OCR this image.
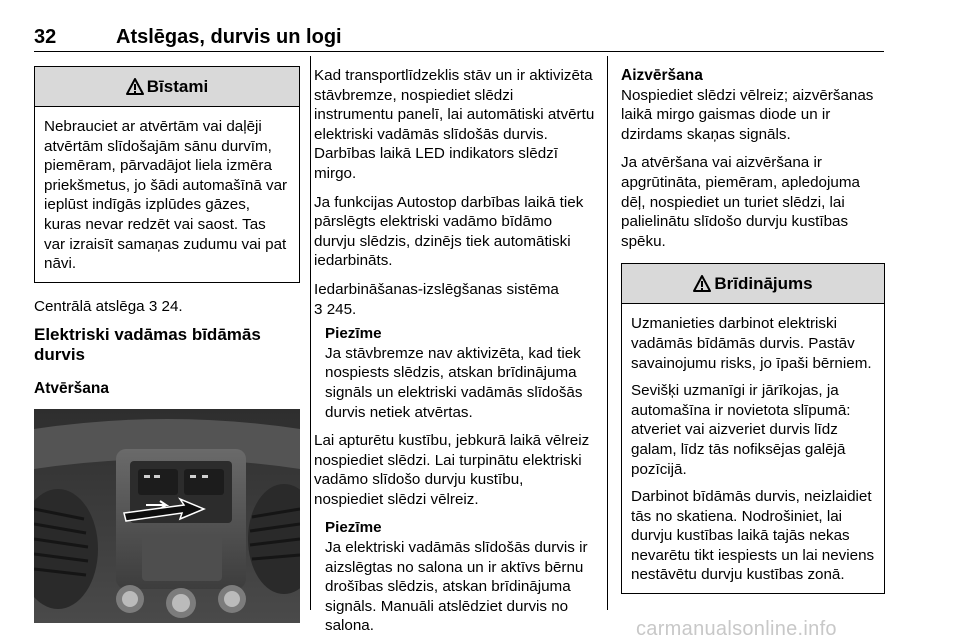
32	Atslēgas, durvis un logi
Bīstami

Nebrauciet ar atvērtām vai daļēji atvērtām slīdošajām sānu durvīm, piemēram, pārvadājot liela izmēra priekšmetus, jo šādi automašīnā var ieplūst indīgās izplūdes gāzes, kuras nevar redzēt vai saost. Tas var izraisīt samaņas zudumu vai pat nāvi.

Centrālā atslēga 3 24.

Elektriski vadāmas bīdāmās durvis
Atvēršana

Kad transportlīdzeklis stāv un ir aktivizēta stāvbremze, nospiediet slēdzi instrumentu panelī, lai automātiski atvērtu elektriski vadāmās slīdošās durvis. Darbības laikā LED indikators slēdzī mirgo.

Ja funkcijas Autostop darbības laikā tiek pārslēgts elektriski vadāmo bīdāmo durvju slēdzis, dzinējs tiek automātiski iedarbināts.

Iedarbināšanas-izslēgšanas sistēma
3 245.

Piezīme

Ja stāvbremze nav aktivizēta, kad tiek nospiests slēdzis, atskan brīdinājuma signāls un elektriski vadāmās slīdošās durvis netiek atvērtas.

Lai apturētu kustību, jebkurā laikā vēlreiz nospiediet slēdzi. Lai turpinātu elektriski vadāmo slīdošo durvju kustību, nospiediet slēdzi vēlreiz.

Piezīme

Ja elektriski vadāmās slīdošās durvis ir aizslēgtas no salona un ir aktīvs bērnu drošības slēdzis, atskan brīdinājuma signāls. Manuāli atslēdziet durvis no salona.

Aizvēršana

Nospiediet slēdzi vēlreiz; aizvēršanas laikā mirgo gaismas diode un ir dzirdams skaņas signāls.

Ja atvēršana vai aizvēršana ir apgrūtināta, piemēram, apledojuma dēļ, nospiediet un turiet slēdzi, lai palielinātu slīdošo durvju kustības spēku.

Brīdinājums

Uzmanieties darbinot elektriski vadāmās bīdāmās durvis. Pastāv savainojumu risks, jo īpaši bērniem.

Sevišķi uzmanīgi ir jārīkojas, ja automašīna ir novietota slīpumā: atveriet vai aizveriet durvis līdz galam, līdz tās nofiksējas galējā pozīcijā.

Darbinot bīdāmās durvis, neizlaidiet tās no skatiena. Nodrošiniet, lai durvju kustības laikā tajās nekas nevarētu tikt iespiests un lai neviens nestāvētu durvju kustības zonā.

carmanualsonline.info
